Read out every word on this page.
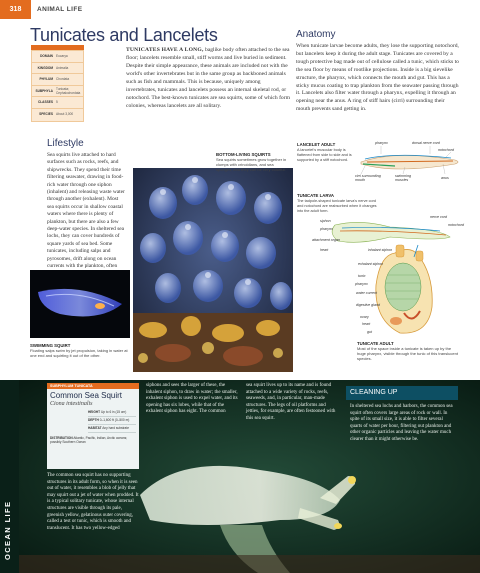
318	ANIMAL LIFE
Tunicates and Lancelets
DOMAIN Eucarya
KINGDOM Animalia
PHYLUM Chordata
SUBPHYLA Tunicata; Cephalochordata
CLASSES 5
SPECIES About 3,000
TUNICATES HAVE A LONG, baglike body often attached to the sea floor; lancelets resemble small, stiff worms and live buried in sediment. Despite their simple appearance, these animals are included not with the world's other invertebrates but in the same group as backboned animals such as fish and mammals. This is because, uniquely among invertebrates, tunicates and lancelets possess an internal skeletal rod, or notochord. The best-known tunicates are sea squirts, some of which form colonies, whereas lancelets are all solitary.
Anatomy
When tunicate larvae become adults, they lose the supporting notochord, but lancelets keep it during the adult stage. Tunicates are covered by a tough protective bag made out of cellulose called a tunic, which sticks to the sea floor by means of rootlike projections. Inside is a big sievelike structure, the pharynx, which connects the mouth and gut. This has a sticky mucus coating to trap plankton from the seawater passing through it. Lancelets also filter water through a pharynx, expelling it through an opening near the anus. A ring of stiff hairs (cirri) surrounding their mouth prevents sand getting in.
Lifestyle
Sea squirts live attached to hard surfaces such as rocks, reefs, and shipwrecks. They spend their time filtering seawater, drawing in food-rich water through one siphon (inhalent) and releasing waste water through another (exhalent). Most sea squirts occur in shallow coastal waters where there is plenty of plankton, but there are also a few deep-water species. In sheltered sea lochs, they can cover hundreds of square yards of sea bed. Some tunicates, including salps and pyrosomes, drift along on ocean currents with the plankton, often
BOTTOM-LIVING SQUIRTS
Sea squirts sometimes grow together in clumps with crinoidians, and sea sponges, and they can be very colorful.
SWIMMING SQUIRT
Floating salps swim by jet propulsion, taking in water at one end and squirting it out of the other.
LANCELET ADULT
A lancelet's muscular body is flattened from side to side and is supported by a stiff notochord.
pharynx	dorsal nerve cord
notochord
cirri surrounding mouth
swimming muscles	anus
TUNICATE LARVA
The tadpole-shaped tunicate larva's nerve cord and notochord are reabsorbed when it changes into the adult form.
siphon
pharynx
nerve cord
notochord
attachment organ
heart	inhalant siphon
exhalant siphon
tunic
pharynx
water current
digestive gland
ovary
heart
gut
TUNICATE ADULT
Most of the space inside a tunicate is taken up by the huge pharynx, visible through the tunic of this translucent species.
OCEAN LIFE
SUBPHYLUM TUNICATA
Common Sea Squirt
Ciona intestinalis
HEIGHT Up to 6 in (15 cm)
DEPTH 0–1,600 ft (0–500 m)
HABITAT Any hard substrate
DISTRIBUTION Atlantic, Pacific, Indian, Arctic oceans; possibly Southern Ocean
The common sea squirt has no supporting structures in its adult form, so when it is seen out of water, it resembles a blob of jelly that may squirt out a jet of water when prodded. It is a typical solitary tunicate, whose internal structures are visible through its pale, greenish yellow, gelatinous outer covering, called a test or tunic, which is smooth and translucent. It has two yellow-edged
siphons and sees the larger of these, the inhalent siphon, to draw in water; the smaller, exhalent siphon is used to expel water, and its opening has six lobes, while that of the exhalent siphon has eight. The common
sea squirt lives up to its name and is found attached to a wide variety of rocks, reefs, seaweeds, and, in particular, man-made structures. The legs of oil platforms and jetties, for example, are often festooned with this sea squirt.
CLEANING UP
In sheltered sea lochs and harbors, the common sea squirt often covers large areas of rock or wall. In spite of its small size, it is able to filter several quarts of water per hour, filtering out plankton and other organic particles and leaving the water much clearer than it might otherwise be.
